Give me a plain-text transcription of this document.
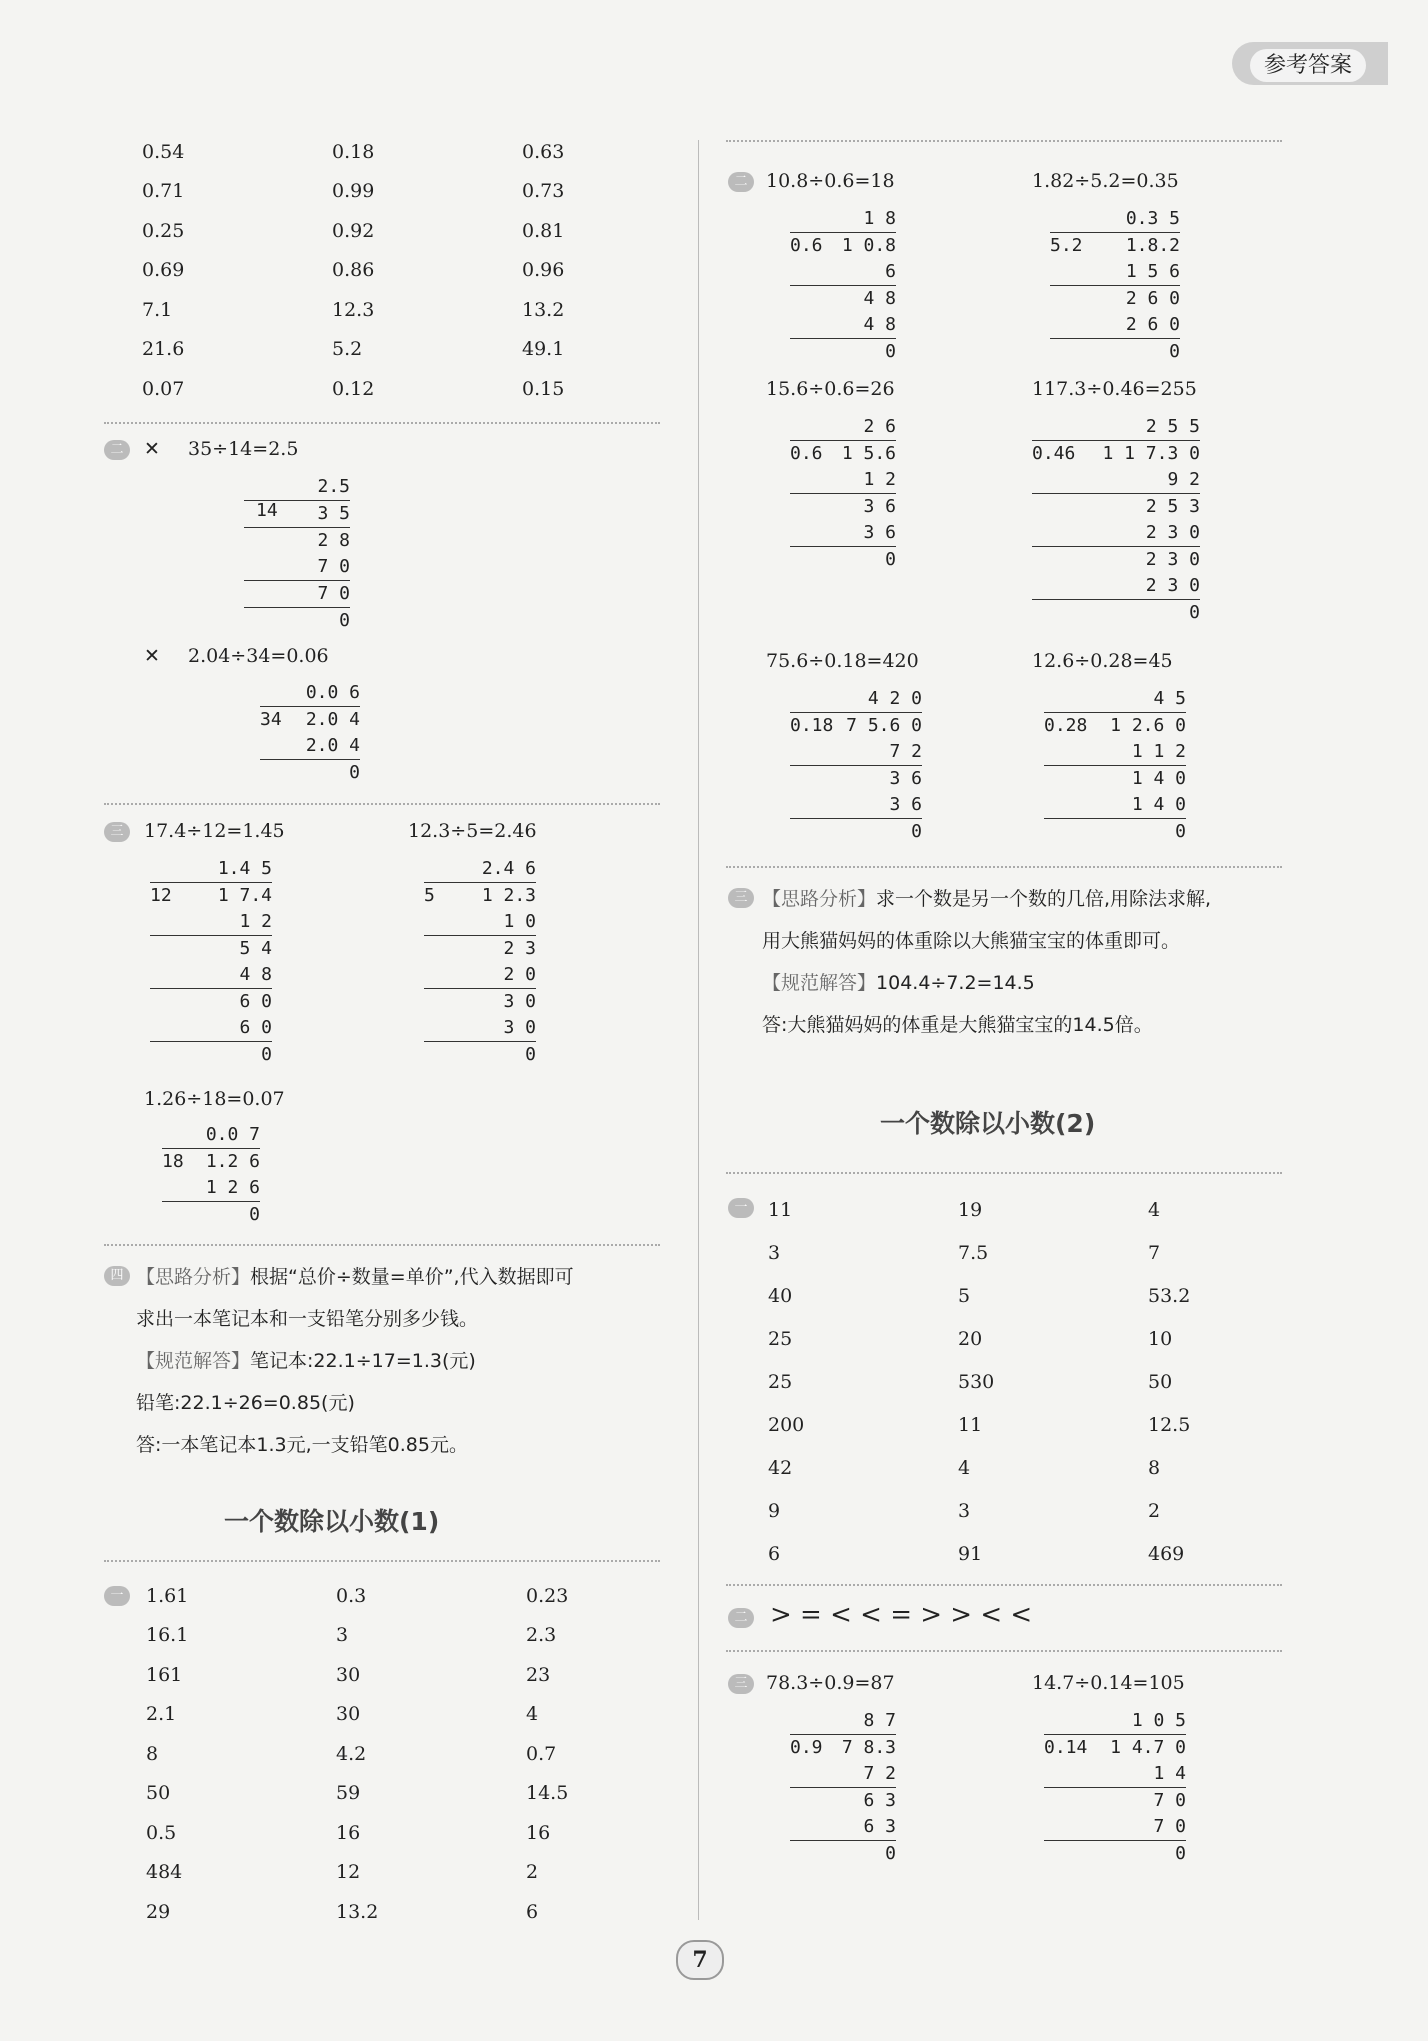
参考答案
0.54	0.18	0.63
0.71	0.99	0.73
0.25	0.92	0.81
0.69	0.86	0.96
7.1	12.3	13.2
21.6	5.2	49.1
0.07	0.12	0.15
二	✕ 35÷14=2.5
2.5
14	3 5
2 8
7 0
7 0
0
✕ 2.04÷34=0.06
0.0 6
34 2.0 4
2.0 4
0
三	17.4÷12=1.45	12.3÷5=2.46
1.4 5
12	1 7.4
1 2
5 4
4 8
6 0
6 0
0
2.4 6
5	1 2.3
1 0
2 3
2 0
3 0
3 0
0
1.26÷18=0.07
0.0 7
18 1.2 6
1 2 6
0
四 【思路分析】根据“总价÷数量=单价”,代入数据即可
求出一本笔记本和一支铅笔分别多少钱。
【规范解答】笔记本:22.1÷17=1.3(元)
铅笔:22.1÷26=0.85(元)
答:一本笔记本1.3元,一支铅笔0.85元。
一个数除以小数(1)
一	1.61	0.3	0.23
16.1	3	2.3
161	30	23
2.1	30	4
8	4.2	0.7
50	59	14.5
0.5	16	16
484	12	2
29	13.2	6
二 10.8÷0.6=18	1.82÷5.2=0.35
1 8
0.6 1 0.8
6
4 8
4 8
0
0.3 5
5.2 1.8.2
1 5 6
2 6 0
2 6 0
0
15.6÷0.6=26	117.3÷0.46=255
2 6
0.6 1 5.6
1 2
3 6
3 6
0
2 5 5
0.46 1 1 7.3 0
9 2
2 5 3
2 3 0
2 3 0
2 3 0
0
75.6÷0.18=420	12.6÷0.28=45
4 2 0
0.18 7 5.6 0
7 2
3 6
3 6
0
4 5
0.28 1 2.6 0
1 1 2
1 4 0
1 4 0
0
三 【思路分析】求一个数是另一个数的几倍,用除法求解,
用大熊猫妈妈的体重除以大熊猫宝宝的体重即可。
【规范解答】104.4÷7.2=14.5
答:大熊猫妈妈的体重是大熊猫宝宝的14.5倍。
一个数除以小数(2)
一	11	19	4
3	7.5	7
40	5	53.2
25	20	10
25	530	50
200	11	12.5
42	4	8
9	3	2
6	91	469
二 > = < < = > > < <
三 78.3÷0.9=87	14.7÷0.14=105
8 7
0.9 7 8.3
7 2
6 3
6 3
0
1 0 5
0.14 1 4.7 0
1 4
7 0
7 0
0
7
